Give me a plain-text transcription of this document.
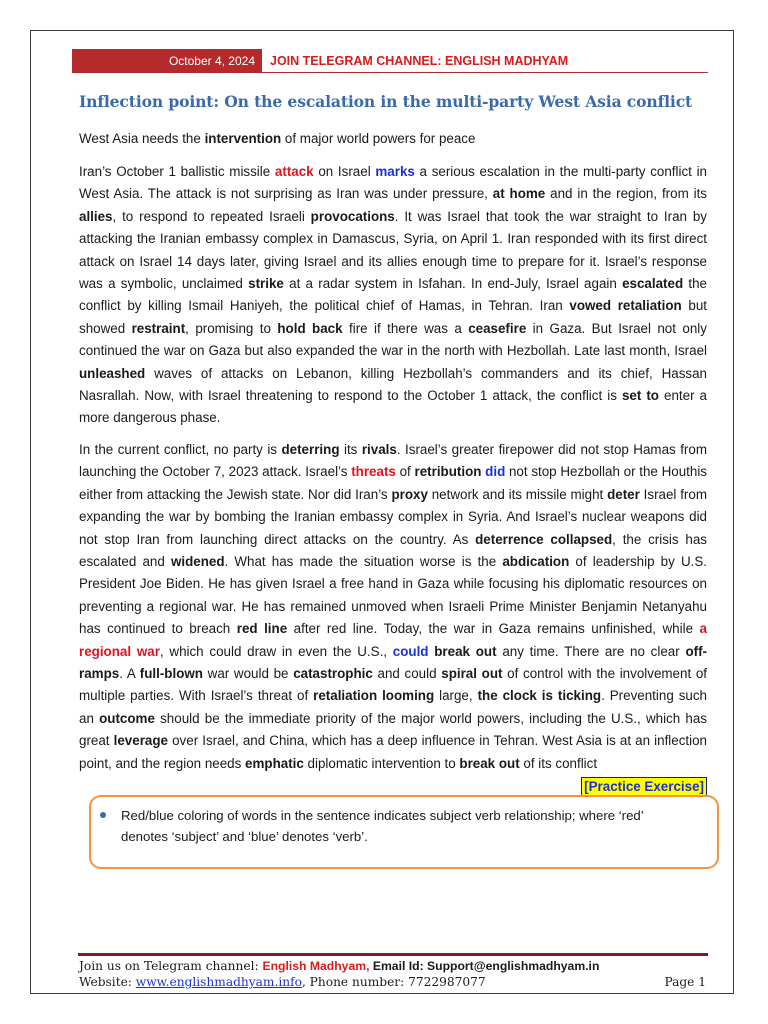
October 4, 2024	JOIN TELEGRAM CHANNEL: ENGLISH MADHYAM
Inflection point: On the escalation in the multi-party West Asia conflict

West Asia needs the intervention of major world powers for peace

Iran’s October 1 ballistic missile attack on Israel marks a serious escalation in the multi-party conflict in West Asia. The attack is not surprising as Iran was under pressure, at home and in the region, from its allies, to respond to repeated Israeli provocations. It was Israel that took the war straight to Iran by attacking the Iranian embassy complex in Damascus, Syria, on April 1. Iran responded with its first direct attack on Israel 14 days later, giving Israel and its allies enough time to prepare for it. Israel’s response was a symbolic, unclaimed strike at a radar system in Isfahan. In end-July, Israel again escalated the conflict by killing Ismail Haniyeh, the political chief of Hamas, in Tehran. Iran vowed retaliation but showed restraint, promising to hold back fire if there was a ceasefire in Gaza. But Israel not only continued the war on Gaza but also expanded the war in the north with Hezbollah. Late last month, Israel unleashed waves of attacks on Lebanon, killing Hezbollah’s commanders and its chief, Hassan Nasrallah. Now, with Israel threatening to respond to the October 1 attack, the conflict is set to enter a more dangerous phase.

In the current conflict, no party is deterring its rivals. Israel’s greater firepower did not stop Hamas from launching the October 7, 2023 attack. Israel’s threats of retribution did not stop Hezbollah or the Houthis either from attacking the Jewish state. Nor did Iran’s proxy network and its missile might deter Israel from expanding the war by bombing the Iranian embassy complex in Syria. And Israel’s nuclear weapons did not stop Iran from launching direct attacks on the country. As deterrence collapsed, the crisis has escalated and widened. What has made the situation worse is the abdication of leadership by U.S. President Joe Biden. He has given Israel a free hand in Gaza while focusing his diplomatic resources on preventing a regional war. He has remained unmoved when Israeli Prime Minister Benjamin Netanyahu has continued to breach red line after red line. Today, the war in Gaza remains unfinished, while a regional war, which could draw in even the U.S., could break out any time. There are no clear off-ramps. A full-blown war would be catastrophic and could spiral out of control with the involvement of multiple parties. With Israel’s threat of retaliation looming large, the clock is ticking. Preventing such an outcome should be the immediate priority of the major world powers, including the U.S., which has great leverage over Israel, and China, which has a deep influence in Tehran. West Asia is at an inflection point, and the region needs emphatic diplomatic intervention to break out of its conflict
[Practice Exercise]

Red/blue coloring of words in the sentence indicates subject verb relationship; where ‘red’ denotes ‘subject’ and ‘blue’ denotes ‘verb’.

Join us on Telegram channel: English Madhyam, Email Id: Support@englishmadhyam.in
Website: www.englishmadhyam.info, Phone number: 7722987077	Page 1
